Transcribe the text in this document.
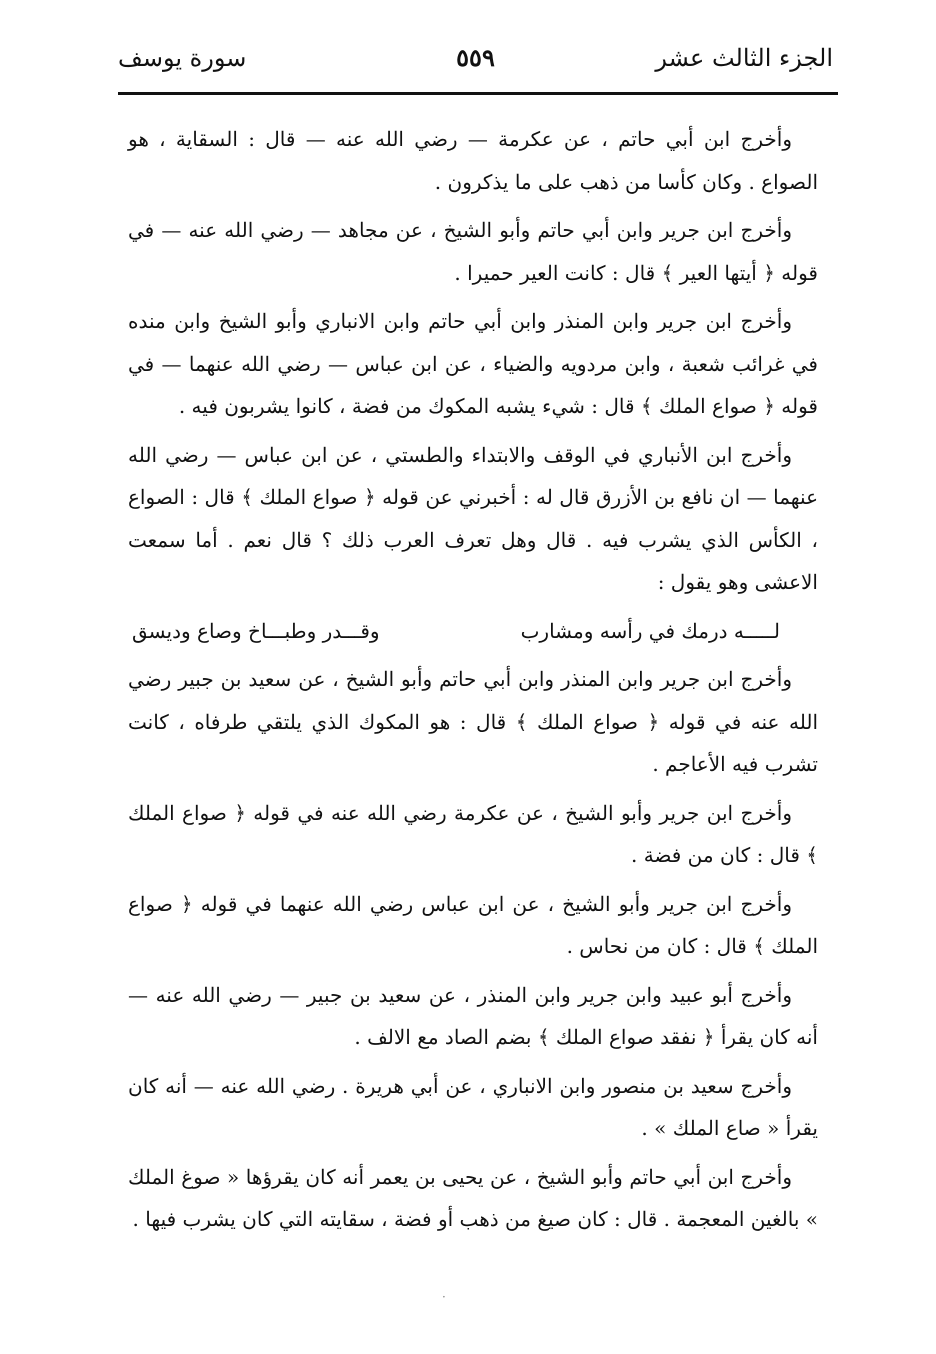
الجزء الثالث عشر
٥٥٩
سورة يوسف

وأخرج ابن أبي حاتم ، عن عكرمة — رضي الله عنه — قال : السقاية ، هو الصواع . وكان كأسا من ذهب على ما يذكرون .

وأخرج ابن جرير وابن أبي حاتم وأبو الشيخ ، عن مجاهد — رضي الله عنه — في قوله ﴿ أيتها العير ﴾ قال : كانت العير حميرا .

وأخرج ابن جرير وابن المنذر وابن أبي حاتم وابن الانباري وأبو الشيخ وابن منده في غرائب شعبة ، وابن مردويه والضياء ، عن ابن عباس — رضي الله عنهما — في قوله ﴿ صواع الملك ﴾ قال : شيء يشبه المكوك من فضة ، كانوا يشربون فيه .

وأخرج ابن الأنباري في الوقف والابتداء والطستي ، عن ابن عباس — رضي الله عنهما — ان نافع بن الأزرق قال له : أخبرني عن قوله ﴿ صواع الملك ﴾ قال : الصواع ، الكأس الذي يشرب فيه . قال وهل تعرف العرب ذلك ؟ قال نعم . أما سمعت الاعشى وهو يقول :

لـــــه درمك في رأسه ومشارب
وقـــدر وطبـــاخ وصاع وديسق

وأخرج ابن جرير وابن المنذر وابن أبي حاتم وأبو الشيخ ، عن سعيد بن جبير رضي الله عنه في قوله ﴿ صواع الملك ﴾ قال : هو المكوك الذي يلتقي طرفاه ، كانت تشرب فيه الأعاجم .

وأخرج ابن جرير وأبو الشيخ ، عن عكرمة رضي الله عنه في قوله ﴿ صواع الملك ﴾ قال : كان من فضة .

وأخرج ابن جرير وأبو الشيخ ، عن ابن عباس رضي الله عنهما في قوله ﴿ صواع الملك ﴾ قال : كان من نحاس .

وأخرج أبو عبيد وابن جرير وابن المنذر ، عن سعيد بن جبير — رضي الله عنه — أنه كان يقرأ ﴿ نفقد صواع الملك ﴾ بضم الصاد مع الالف .

وأخرج سعيد بن منصور وابن الانباري ، عن أبي هريرة . رضي الله عنه — أنه كان يقرأ « صاع الملك » .

وأخرج ابن أبي حاتم وأبو الشيخ ، عن يحيى بن يعمر أنه كان يقرؤها « صوغ الملك » بالغين المعجمة . قال : كان صيغ من ذهب أو فضة ، سقايته التي كان يشرب فيها .

·
